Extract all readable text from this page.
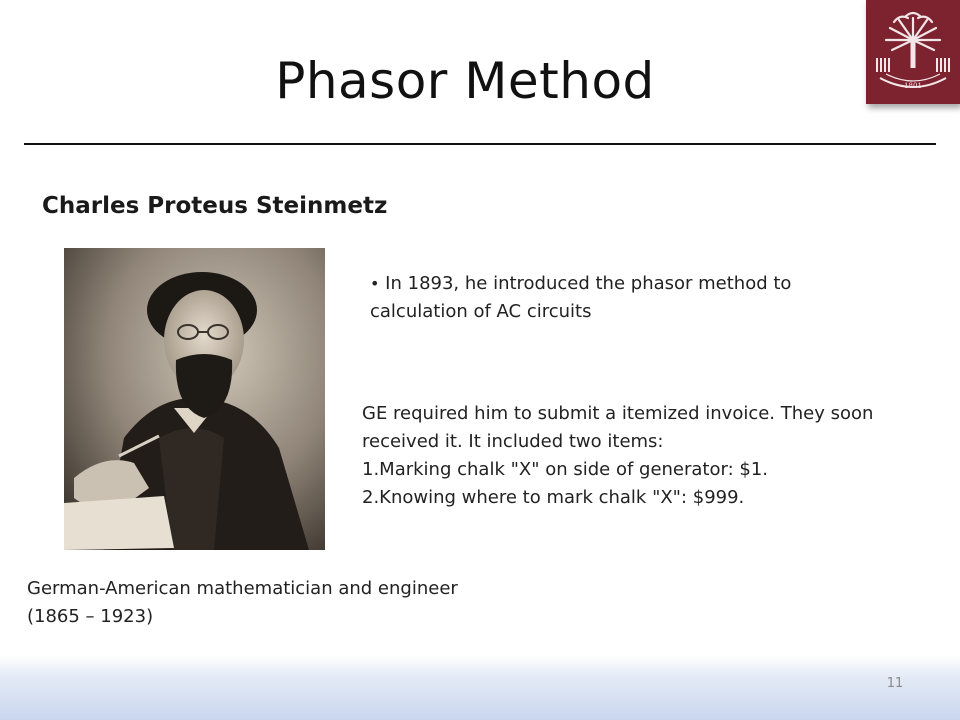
Phasor Method	1801
Charles Proteus Steinmetz
• In 1893, he introduced the phasor method to
calculation of AC circuits
GE required him to submit a itemized invoice. They soon
received it. It included two items:
1.Marking chalk "X" on side of generator: $1.
2.Knowing where to mark chalk "X": $999.
German-American mathematician and engineer
(1865 – 1923)
11
